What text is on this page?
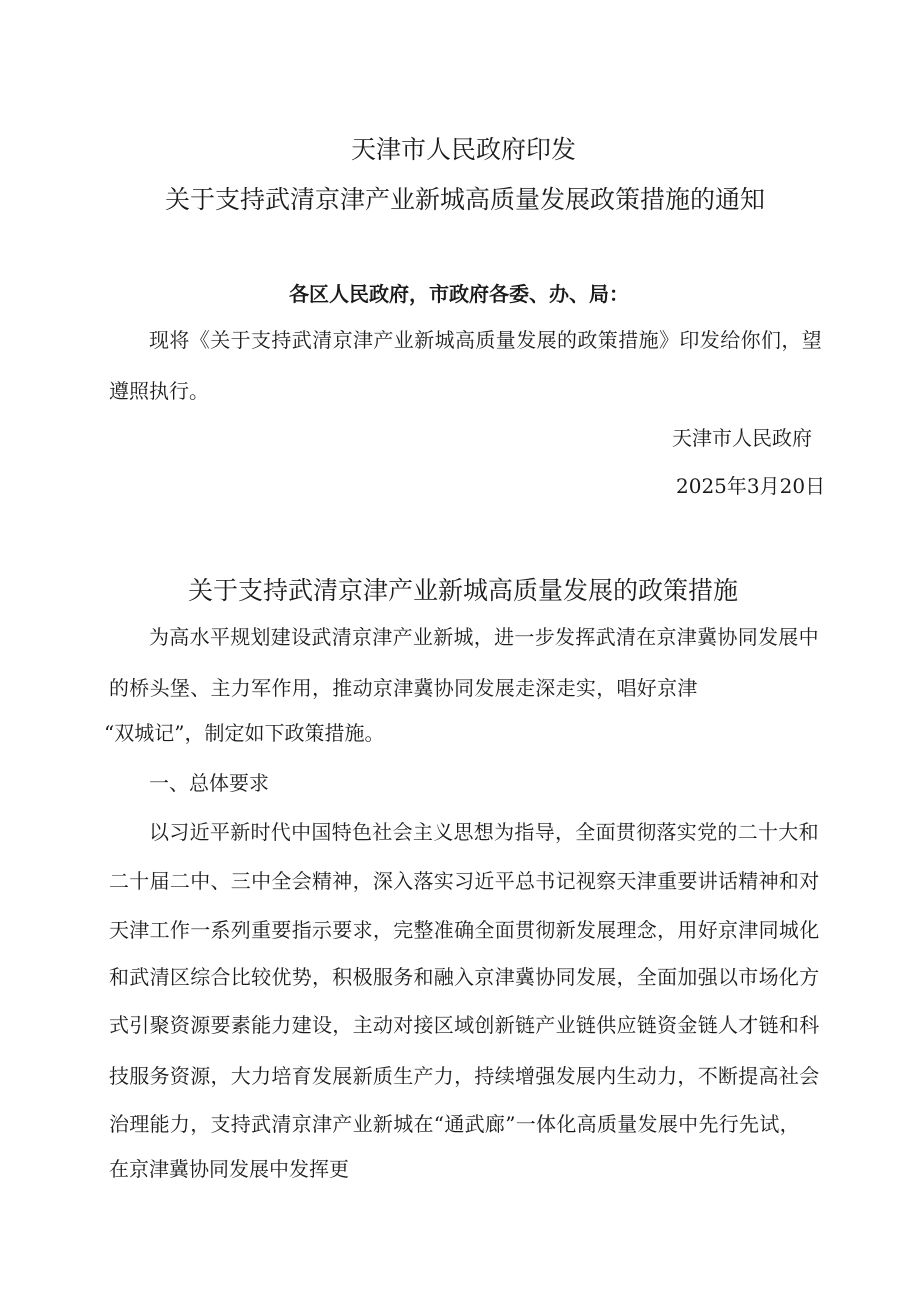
天津市人民政府印发
关于支持武清京津产业新城高质量发展政策措施的通知
各区人民政府，市政府各委、办、局：
现将《关于支持武清京津产业新城高质量发展的政策措施》印发给你们，望
遵照执行。
天津市人民政府
2025年3月20日
关于支持武清京津产业新城高质量发展的政策措施
为高水平规划建设武清京津产业新城，进一步发挥武清在京津冀协同发展中
的桥头堡、主力军作用，推动京津冀协同发展走深走实，唱好京津
“双城记”，制定如下政策措施。
一、总体要求
以习近平新时代中国特色社会主义思想为指导，全面贯彻落实党的二十大和
二十届二中、三中全会精神，深入落实习近平总书记视察天津重要讲话精神和对
天津工作一系列重要指示要求，完整准确全面贯彻新发展理念，用好京津同城化
和武清区综合比较优势，积极服务和融入京津冀协同发展，全面加强以市场化方
式引聚资源要素能力建设，主动对接区域创新链产业链供应链资金链人才链和科
技服务资源，大力培育发展新质生产力，持续增强发展内生动力，不断提高社会
治理能力，支持武清京津产业新城在“通武廊”一体化高质量发展中先行先试，
在京津冀协同发展中发挥更
